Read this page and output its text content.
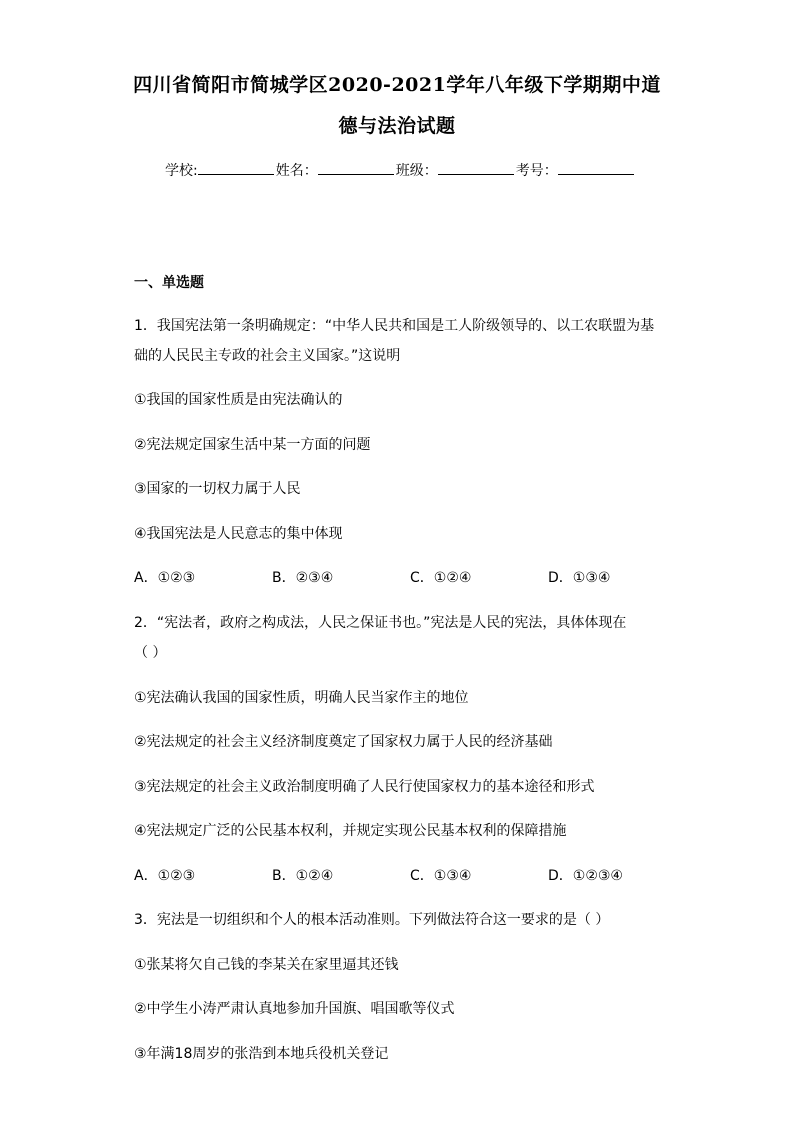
四川省简阳市简城学区2020-2021学年八年级下学期期中道
德与法治试题
学校:	姓名：	班级：	考号：
一、单选题
1．我国宪法第一条明确规定：“中华人民共和国是工人阶级领导的、以工农联盟为基
础的人民民主专政的社会主义国家。”这说明
①我国的国家性质是由宪法确认的
②宪法规定国家生活中某一方面的问题
③国家的一切权力属于人民
④我国宪法是人民意志的集中体现
A．①②③	B．②③④	C．①②④	D．①③④
2．“宪法者，政府之构成法，人民之保证书也。”宪法是人民的宪法，具体体现在
（ ）
①宪法确认我国的国家性质，明确人民当家作主的地位
②宪法规定的社会主义经济制度奠定了国家权力属于人民的经济基础
③宪法规定的社会主义政治制度明确了人民行使国家权力的基本途径和形式
④宪法规定广泛的公民基本权利，并规定实现公民基本权利的保障措施
A．①②③	B．①②④	C．①③④	D．①②③④
3．宪法是一切组织和个人的根本活动准则。下列做法符合这一要求的是（ ）
①张某将欠自己钱的李某关在家里逼其还钱
②中学生小涛严肃认真地参加升国旗、唱国歌等仪式
③年满18周岁的张浩到本地兵役机关登记
